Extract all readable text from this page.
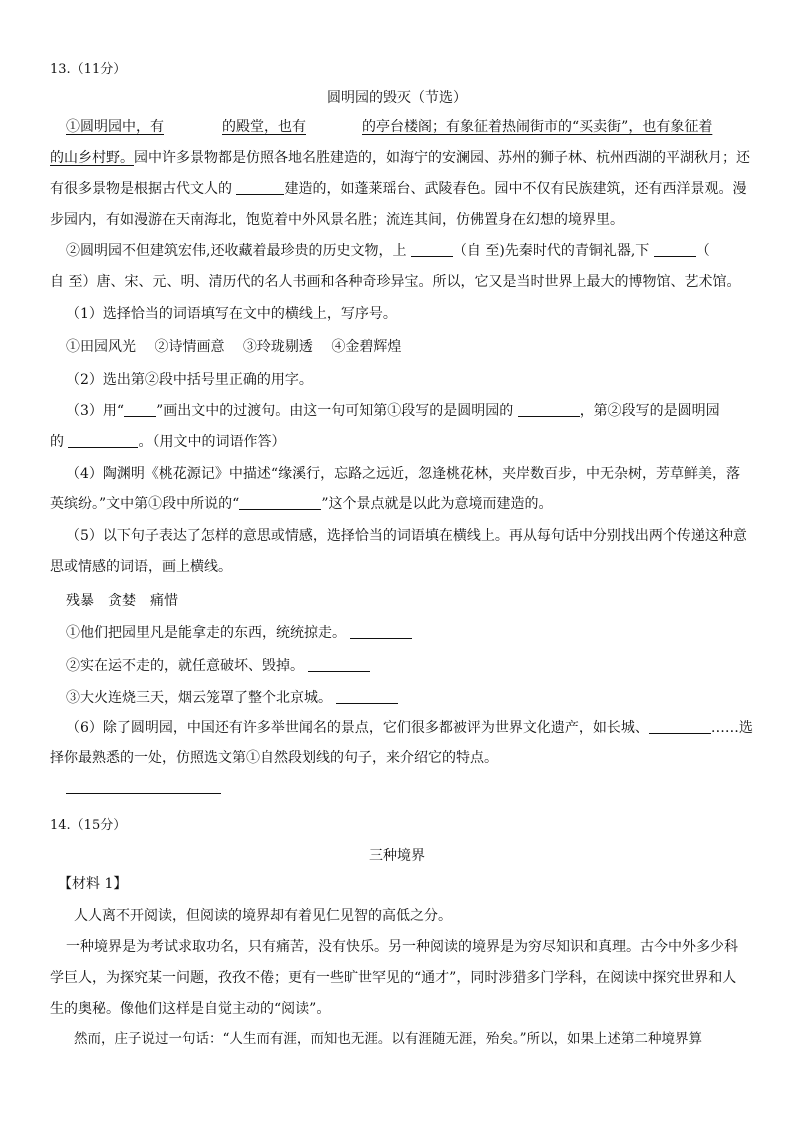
13.（11分）
圆明园的毁灭（节选）
①圆明园中，有	的殿堂，也有	的亭台楼阁；有象征着热闹街市的“买卖街”，也有象征着
的山乡村野。园中许多景物都是仿照各地名胜建造的，如海宁的安澜园、苏州的狮子林、杭州西湖的平湖秋月；还
有很多景物是根据古代文人的	建造的，如蓬莱瑶台、武陵春色。园中不仅有民族建筑，还有西洋景观。漫
步园内，有如漫游在天南海北，饱览着中外风景名胜；流连其间，仿佛置身在幻想的境界里。
②圆明园不但建筑宏伟,还收藏着最珍贵的历史文物，上	（自 至)先秦时代的青铜礼器,下	（
自 至）唐、宋、元、明、清历代的名人书画和各种奇珍异宝。所以，它又是当时世界上最大的博物馆、艺术馆。
（1）选择恰当的词语填写在文中的横线上，写序号。
①田园风光　 ②诗情画意　 ③玲珑剔透　 ④金碧辉煌
（2）选出第②段中括号里正确的用字。
（3）用“ ”画出文中的过渡句。由这一句可知第①段写的是圆明园的	，第②段写的是圆明园
的	。（用文中的词语作答）
（4）陶渊明《桃花源记》中描述“缘溪行，忘路之远近，忽逢桃花林，夹岸数百步，中无杂树，芳草鲜美，落
英缤纷。”文中第①段中所说的“	”这个景点就是以此为意境而建造的。
（5）以下句子表达了怎样的意思或情感，选择恰当的词语填在横线上。再从每句话中分别找出两个传递这种意
思或情感的词语，画上横线。
残暴　贪婪　痛惜
①他们把园里凡是能拿走的东西，统统掠走。
②实在运不走的，就任意破坏、毁掉。
③大火连烧三天，烟云笼罩了整个北京城。
（6）除了圆明园，中国还有许多举世闻名的景点，它们很多都被评为世界文化遗产，如长城、	……选
择你最熟悉的一处，仿照选文第①自然段划线的句子，来介绍它的特点。
14.（15分）
三种境界
【材料 1】
人人离不开阅读，但阅读的境界却有着见仁见智的高低之分。
一种境界是为考试求取功名，只有痛苦，没有快乐。另一种阅读的境界是为穷尽知识和真理。古今中外多少科
学巨人，为探究某一问题，孜孜不倦；更有一些旷世罕见的“通才”，同时涉猎多门学科，在阅读中探究世界和人
生的奥秘。像他们这样是自觉主动的“阅读”。
然而，庄子说过一句话：“人生而有涯，而知也无涯。以有涯随无涯，殆矣。”所以，如果上述第二种境界算
